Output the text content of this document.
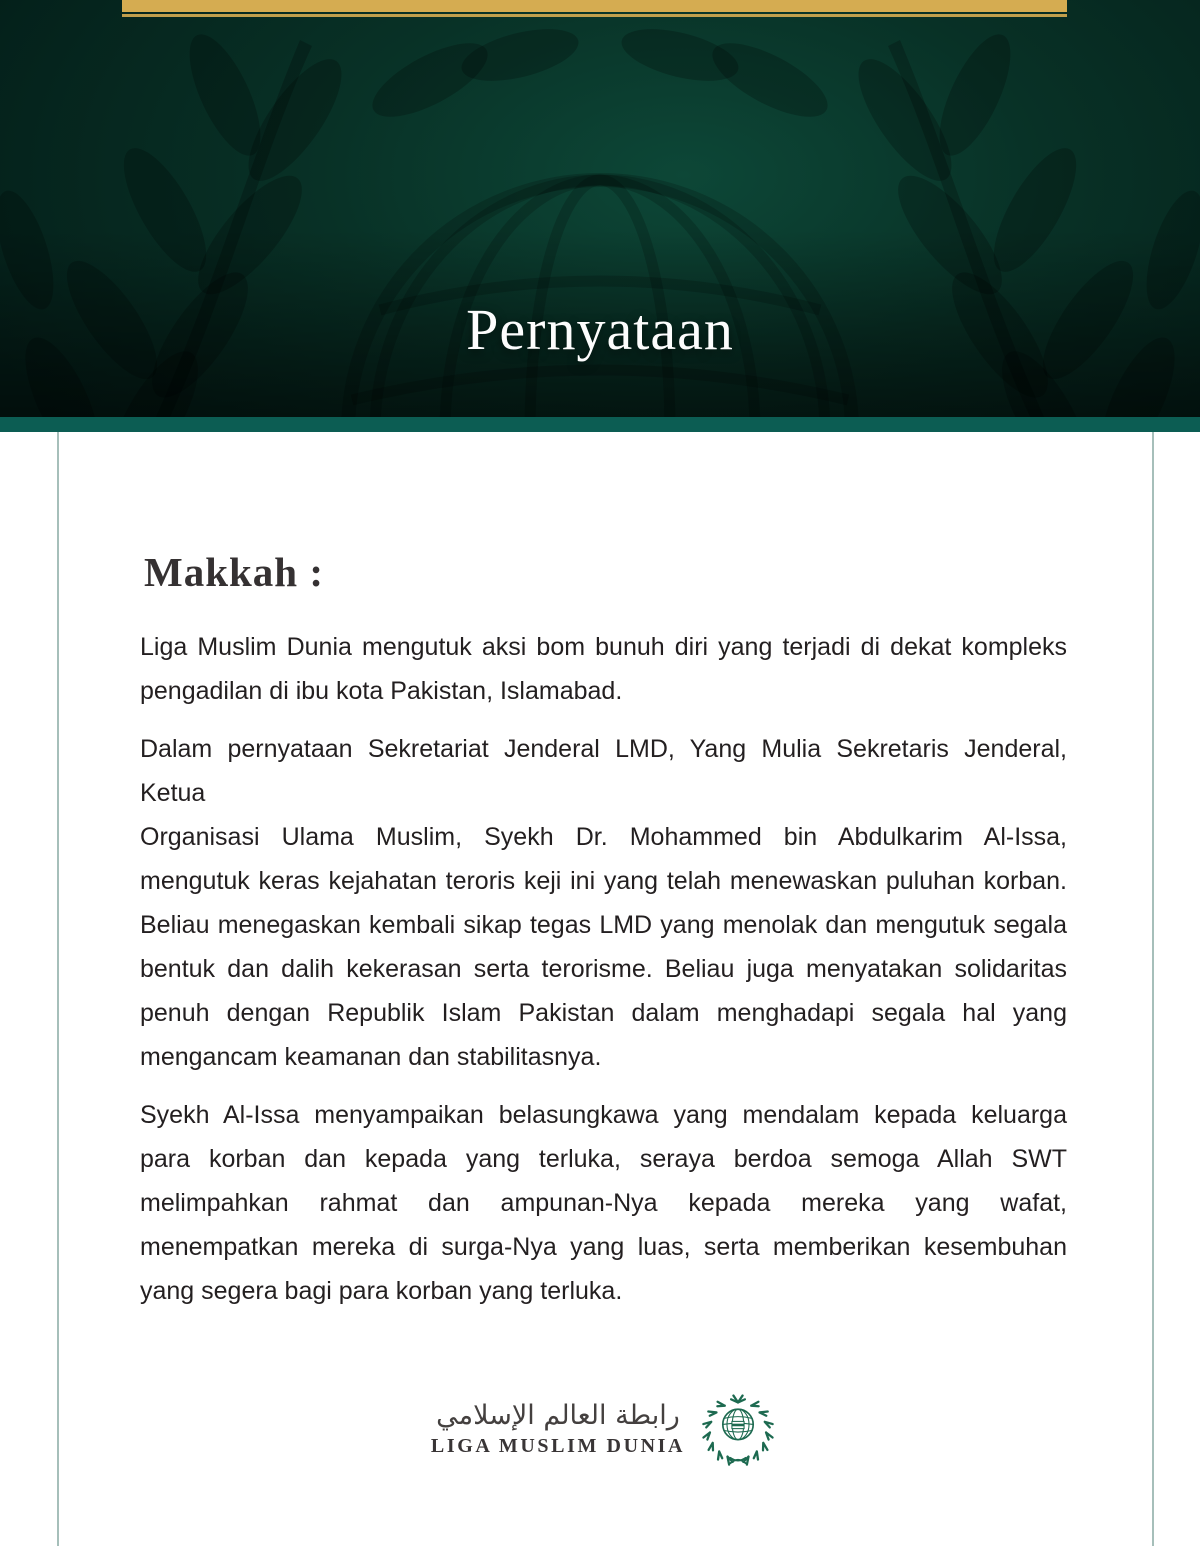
Pernyataan
Makkah :

Liga Muslim Dunia mengutuk aksi bom bunuh diri yang terjadi di dekat kompleks
pengadilan di ibu kota Pakistan, Islamabad.

Dalam pernyataan Sekretariat Jenderal LMD, Yang Mulia Sekretaris Jenderal, Ketua
Organisasi Ulama Muslim, Syekh Dr. Mohammed bin Abdulkarim Al-Issa,
mengutuk keras kejahatan teroris keji ini yang telah menewaskan puluhan korban.
Beliau menegaskan kembali sikap tegas LMD yang menolak dan mengutuk segala
bentuk dan dalih kekerasan serta terorisme. Beliau juga menyatakan solidaritas
penuh dengan Republik Islam Pakistan dalam menghadapi segala hal yang
mengancam keamanan dan stabilitasnya.

Syekh Al-Issa menyampaikan belasungkawa yang mendalam kepada keluarga
para korban dan kepada yang terluka, seraya berdoa semoga Allah SWT
melimpahkan rahmat dan ampunan-Nya kepada mereka yang wafat,
menempatkan mereka di surga-Nya yang luas, serta memberikan kesembuhan
yang segera bagi para korban yang terluka.

رابطة العالم الإسلامي
LIGA MUSLIM DUNIA
